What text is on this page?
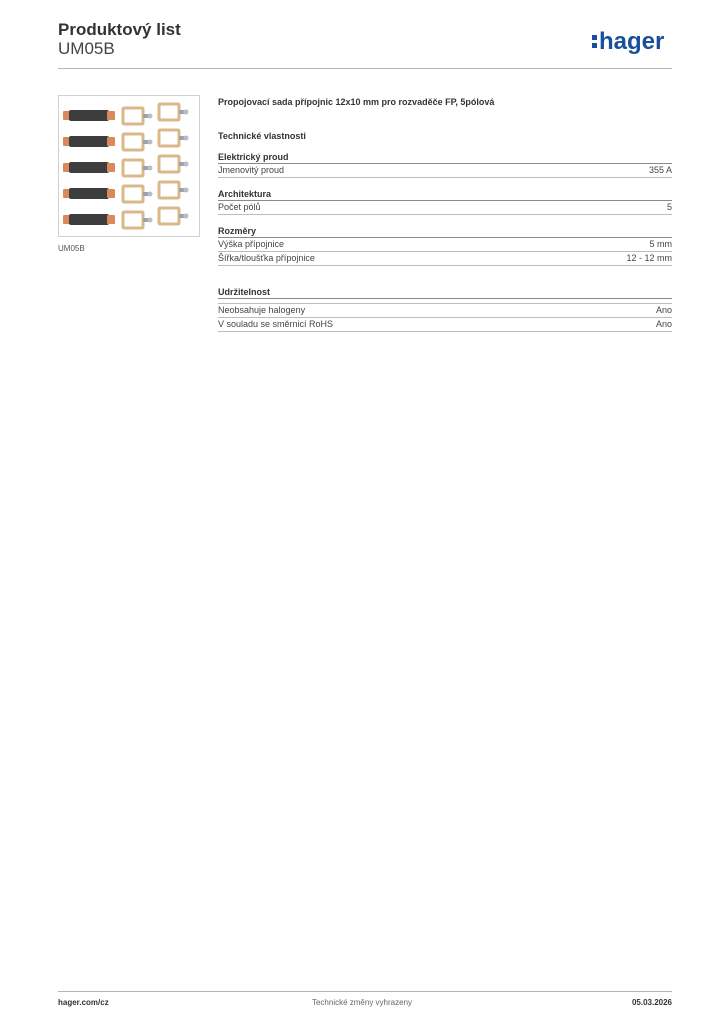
Produktový list
UM05B	hager
UM05B
Propojovací sada přípojnic 12x10 mm pro rozvaděče FP, 5pólová
Technické vlastnosti
Elektrický proud
Jmenovitý proud	355 A
Architektura
Počet pólů	5
Rozměry
Výška přípojnice	5 mm
Šířka/tloušťka přípojnice	12 - 12 mm
Udržitelnost
Neobsahuje halogeny	Ano
V souladu se směrnicí RoHS	Ano
hager.com/cz	Technické změny vyhrazeny	05.03.2026
